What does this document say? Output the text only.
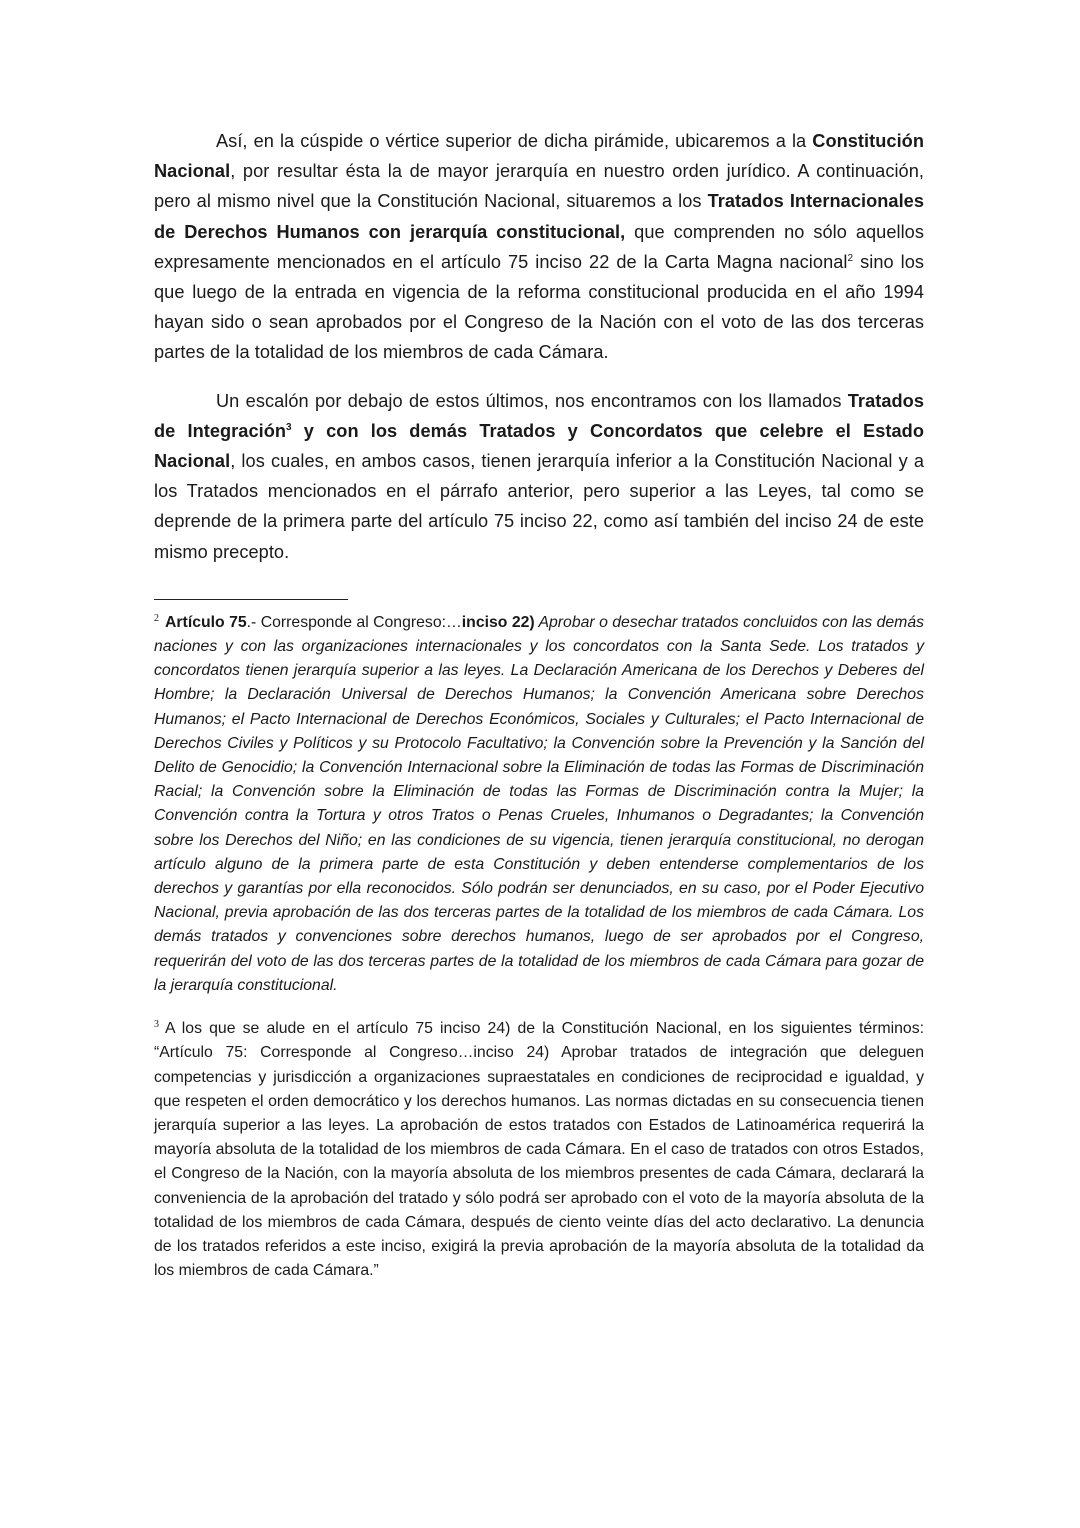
Así, en la cúspide o vértice superior de dicha pirámide, ubicaremos a la Constitución Nacional, por resultar ésta la de mayor jerarquía en nuestro orden jurídico. A continuación, pero al mismo nivel que la Constitución Nacional, situaremos a los Tratados Internacionales de Derechos Humanos con jerarquía constitucional, que comprenden no sólo aquellos expresamente mencionados en el artículo 75 inciso 22 de la Carta Magna nacional$^2$ sino los que luego de la entrada en vigencia de la reforma constitucional producida en el año 1994 hayan sido o sean aprobados por el Congreso de la Nación con el voto de las dos terceras partes de la totalidad de los miembros de cada Cámara.

Un escalón por debajo de estos últimos, nos encontramos con los llamados Tratados de Integración$^3$ y con los demás Tratados y Concordatos que celebre el Estado Nacional, los cuales, en ambos casos, tienen jerarquía inferior a la Constitución Nacional y a los Tratados mencionados en el párrafo anterior, pero superior a las Leyes, tal como se deprende de la primera parte del artículo 75 inciso 22, como así también del inciso 24 de este mismo precepto.

$^2$ Artículo 75.- Corresponde al Congreso:…inciso 22) Aprobar o desechar tratados concluidos con las demás naciones y con las organizaciones internacionales y los concordatos con la Santa Sede. Los tratados y concordatos tienen jerarquía superior a las leyes. La Declaración Americana de los Derechos y Deberes del Hombre; la Declaración Universal de Derechos Humanos; la Convención Americana sobre Derechos Humanos; el Pacto Internacional de Derechos Económicos, Sociales y Culturales; el Pacto Internacional de Derechos Civiles y Políticos y su Protocolo Facultativo; la Convención sobre la Prevención y la Sanción del Delito de Genocidio; la Convención Internacional sobre la Eliminación de todas las Formas de Discriminación Racial; la Convención sobre la Eliminación de todas las Formas de Discriminación contra la Mujer; la Convención contra la Tortura y otros Tratos o Penas Crueles, Inhumanos o Degradantes; la Convención sobre los Derechos del Niño; en las condiciones de su vigencia, tienen jerarquía constitucional, no derogan artículo alguno de la primera parte de esta Constitución y deben entenderse complementarios de los derechos y garantías por ella reconocidos. Sólo podrán ser denunciados, en su caso, por el Poder Ejecutivo Nacional, previa aprobación de las dos terceras partes de la totalidad de los miembros de cada Cámara. Los demás tratados y convenciones sobre derechos humanos, luego de ser aprobados por el Congreso, requerirán del voto de las dos terceras partes de la totalidad de los miembros de cada Cámara para gozar de la jerarquía constitucional.

$^3$ A los que se alude en el artículo 75 inciso 24) de la Constitución Nacional, en los siguientes términos: “Artículo 75: Corresponde al Congreso…inciso 24) Aprobar tratados de integración que deleguen competencias y jurisdicción a organizaciones supraestatales en condiciones de reciprocidad e igualdad, y que respeten el orden democrático y los derechos humanos. Las normas dictadas en su consecuencia tienen jerarquía superior a las leyes. La aprobación de estos tratados con Estados de Latinoamérica requerirá la mayoría absoluta de la totalidad de los miembros de cada Cámara. En el caso de tratados con otros Estados, el Congreso de la Nación, con la mayoría absoluta de los miembros presentes de cada Cámara, declarará la conveniencia de la aprobación del tratado y sólo podrá ser aprobado con el voto de la mayoría absoluta de la totalidad de los miembros de cada Cámara, después de ciento veinte días del acto declarativo. La denuncia de los tratados referidos a este inciso, exigirá la previa aprobación de la mayoría absoluta de la totalidad da los miembros de cada Cámara.”
